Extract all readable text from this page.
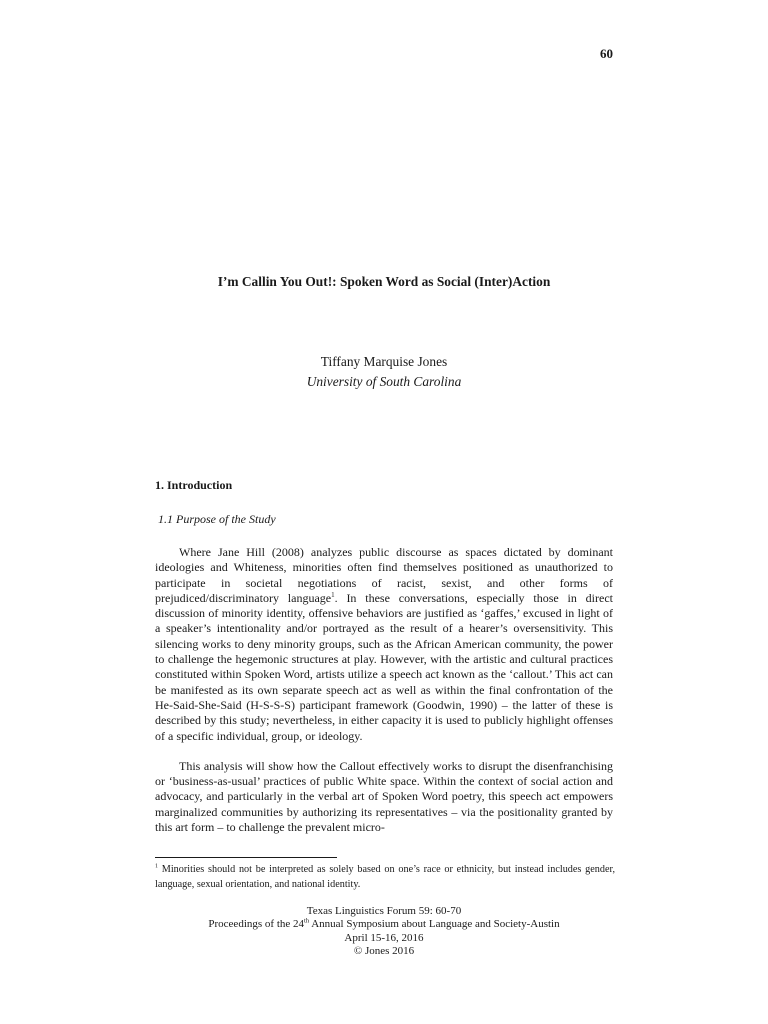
60
I’m Callin You Out!: Spoken Word as Social (Inter)Action
Tiffany Marquise Jones
University of South Carolina
1. Introduction
1.1 Purpose of the Study

Where Jane Hill (2008) analyzes public discourse as spaces dictated by dominant ideologies and Whiteness, minorities often find themselves positioned as unauthorized to participate in societal negotiations of racist, sexist, and other forms of prejudiced/discriminatory language$^1$. In these conversations, especially those in direct discussion of minority identity, offensive behaviors are justified as ‘gaffes,’ excused in light of a speaker’s intentionality and/or portrayed as the result of a hearer’s oversensitivity. This silencing works to deny minority groups, such as the African American community, the power to challenge the hegemonic structures at play. However, with the artistic and cultural practices constituted within Spoken Word, artists utilize a speech act known as the ‘callout.’ This act can be manifested as its own separate speech act as well as within the final confrontation of the He-Said-She-Said (H-S-S-S) participant framework (Goodwin, 1990) – the latter of these is described by this study; nevertheless, in either capacity it is used to publicly highlight offenses of a specific individual, group, or ideology.

This analysis will show how the Callout effectively works to disrupt the disenfranchising or ‘business-as-usual’ practices of public White space. Within the context of social action and advocacy, and particularly in the verbal art of Spoken Word poetry, this speech act empowers marginalized communities by authorizing its representatives – via the positionality granted by this art form – to challenge the prevalent micro-

$^1$ Minorities should not be interpreted as solely based on one’s race or ethnicity, but instead includes gender, language, sexual orientation, and national identity.
Texas Linguistics Forum 59: 60-70
Proceedings of the 24th Annual Symposium about Language and Society-Austin
April 15-16, 2016
© Jones 2016
